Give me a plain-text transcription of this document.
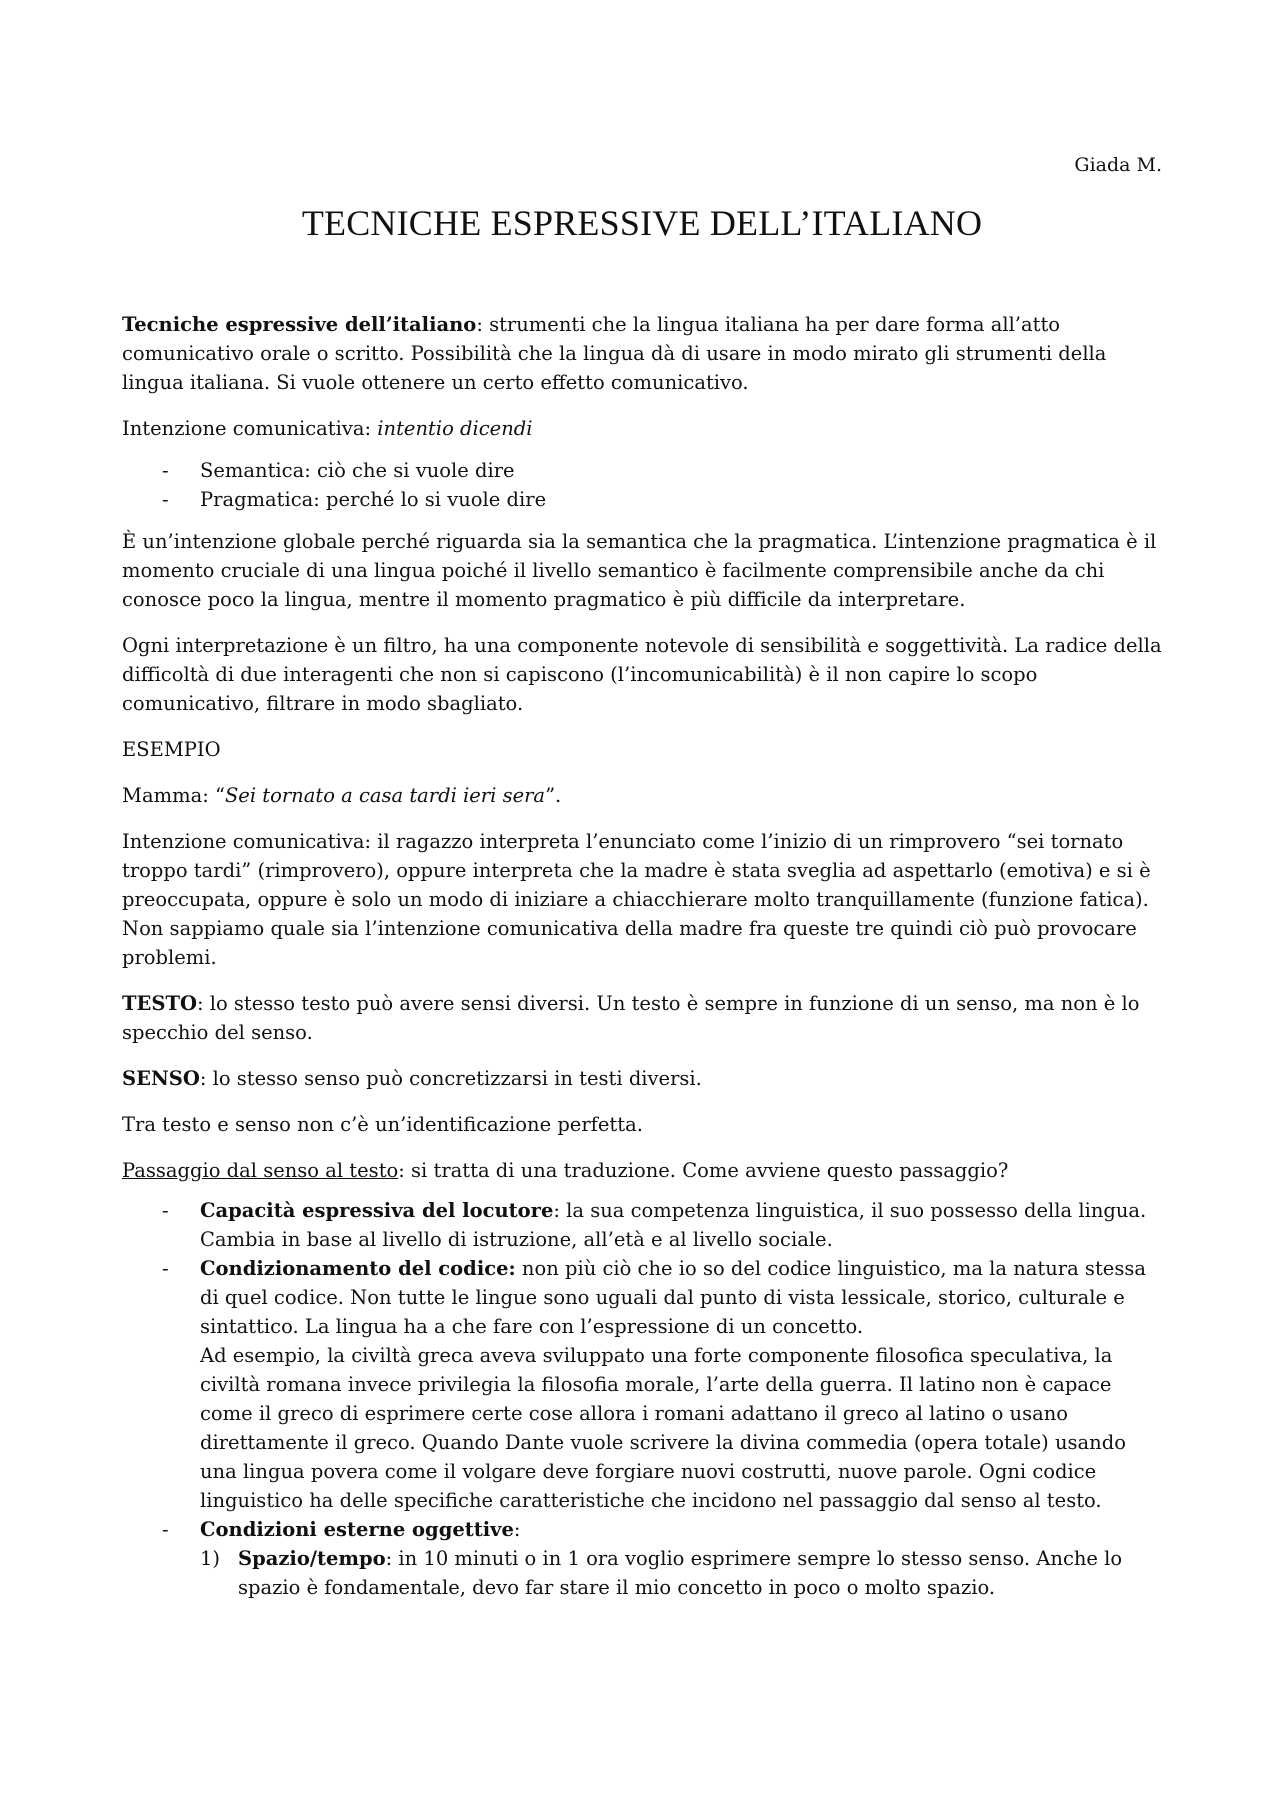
Giada M.
TECNICHE ESPRESSIVE DELL’ITALIANO

Tecniche espressive dell’italiano: strumenti che la lingua italiana ha per dare forma all’atto comunicativo orale o scritto. Possibilità che la lingua dà di usare in modo mirato gli strumenti della lingua italiana. Si vuole ottenere un certo effetto comunicativo.

Intenzione comunicativa: intentio dicendi

- Semantica: ciò che si vuole dire
- Pragmatica: perché lo si vuole dire

È un’intenzione globale perché riguarda sia la semantica che la pragmatica. L’intenzione pragmatica è il momento cruciale di una lingua poiché il livello semantico è facilmente comprensibile anche da chi conosce poco la lingua, mentre il momento pragmatico è più difficile da interpretare.

Ogni interpretazione è un filtro, ha una componente notevole di sensibilità e soggettività. La radice della difficoltà di due interagenti che non si capiscono (l’incomunicabilità) è il non capire lo scopo comunicativo, filtrare in modo sbagliato.

ESEMPIO

Mamma: “Sei tornato a casa tardi ieri sera”.

Intenzione comunicativa: il ragazzo interpreta l’enunciato come l’inizio di un rimprovero “sei tornato troppo tardi” (rimprovero), oppure interpreta che la madre è stata sveglia ad aspettarlo (emotiva) e si è preoccupata, oppure è solo un modo di iniziare a chiacchierare molto tranquillamente (funzione fatica). Non sappiamo quale sia l’intenzione comunicativa della madre fra queste tre quindi ciò può provocare problemi.

TESTO: lo stesso testo può avere sensi diversi. Un testo è sempre in funzione di un senso, ma non è lo specchio del senso.

SENSO: lo stesso senso può concretizzarsi in testi diversi.

Tra testo e senso non c’è un’identificazione perfetta.

Passaggio dal senso al testo: si tratta di una traduzione. Come avviene questo passaggio?

- Capacità espressiva del locutore: la sua competenza linguistica, il suo possesso della lingua. Cambia in base al livello di istruzione, all’età e al livello sociale.
- Condizionamento del codice: non più ciò che io so del codice linguistico, ma la natura stessa di quel codice. Non tutte le lingue sono uguali dal punto di vista lessicale, storico, culturale e sintattico. La lingua ha a che fare con l’espressione di un concetto.
Ad esempio, la civiltà greca aveva sviluppato una forte componente filosofica speculativa, la civiltà romana invece privilegia la filosofia morale, l’arte della guerra. Il latino non è capace come il greco di esprimere certe cose allora i romani adattano il greco al latino o usano direttamente il greco. Quando Dante vuole scrivere la divina commedia (opera totale) usando una lingua povera come il volgare deve forgiare nuovi costrutti, nuove parole. Ogni codice linguistico ha delle specifiche caratteristiche che incidono nel passaggio dal senso al testo.
- Condizioni esterne oggettive:
1) Spazio/tempo: in 10 minuti o in 1 ora voglio esprimere sempre lo stesso senso. Anche lo spazio è fondamentale, devo far stare il mio concetto in poco o molto spazio.
